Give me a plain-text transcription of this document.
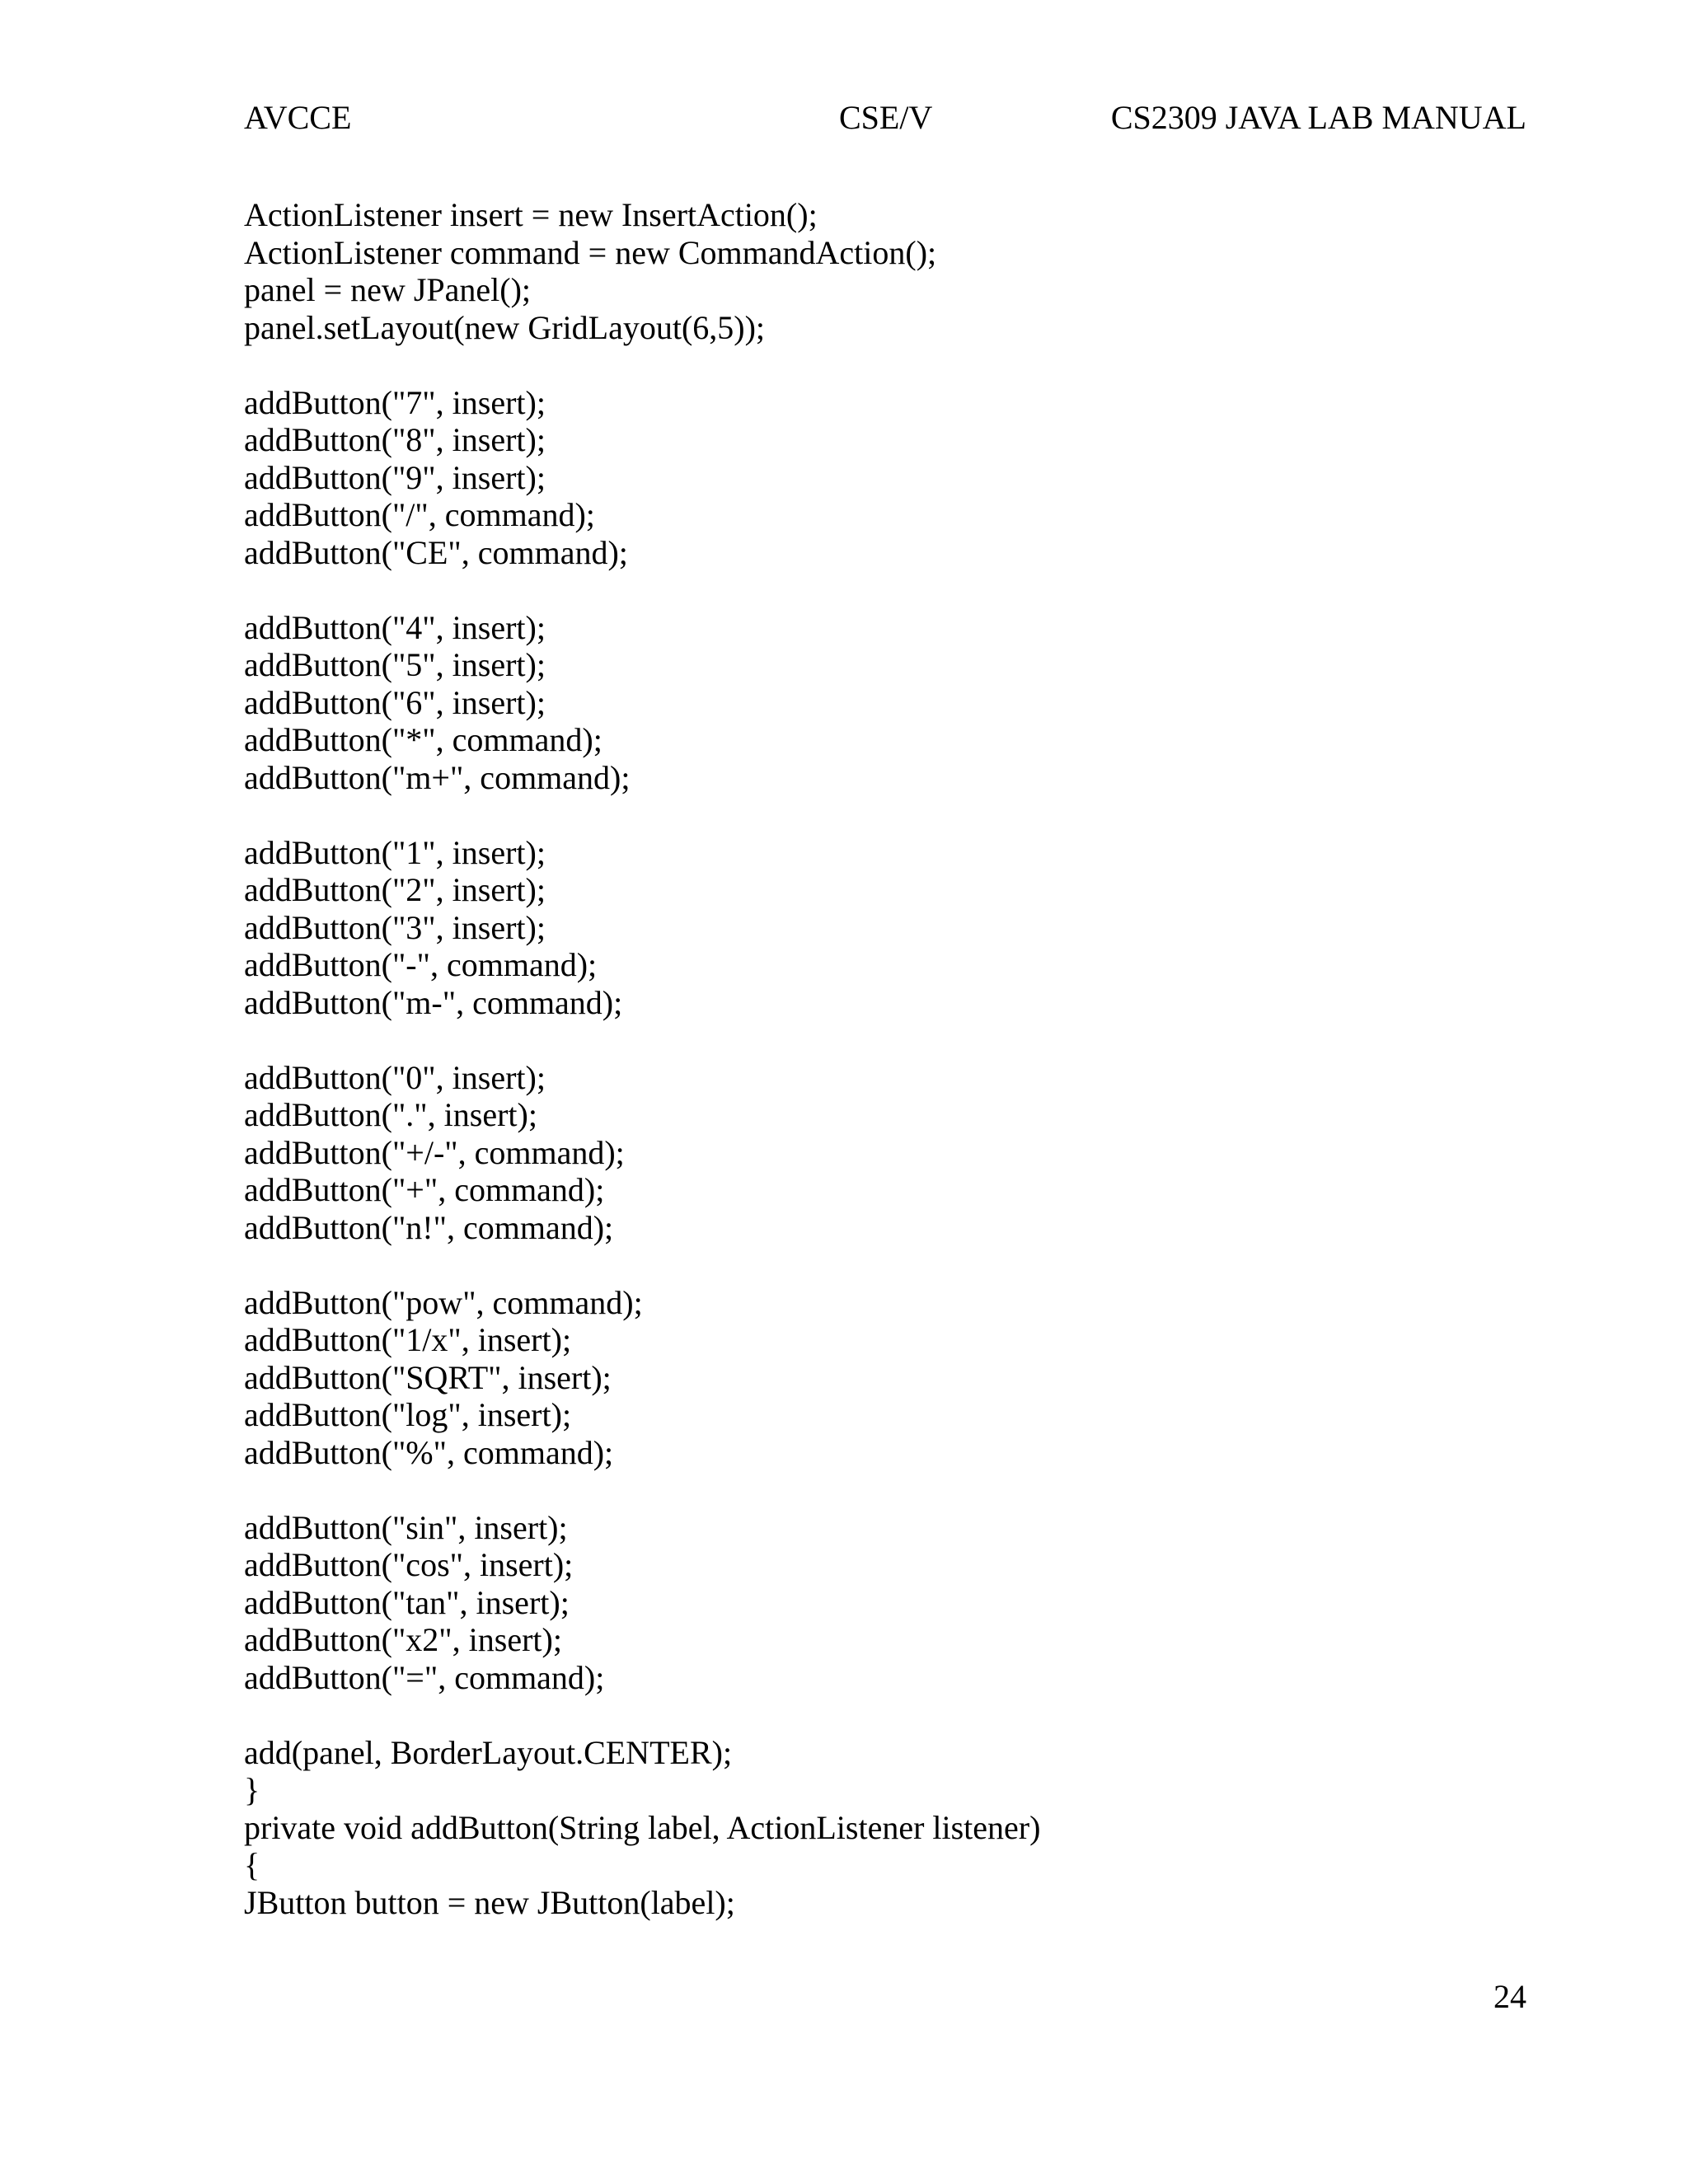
AVCCE	CSE/V	CS2309 JAVA LAB MANUAL
ActionListener insert = new InsertAction();
ActionListener command = new CommandAction();
panel = new JPanel();
panel.setLayout(new GridLayout(6,5));
addButton("7", insert);
addButton("8", insert);
addButton("9", insert);
addButton("/", command);
addButton("CE", command);
addButton("4", insert);
addButton("5", insert);
addButton("6", insert);
addButton("*", command);
addButton("m+", command);
addButton("1", insert);
addButton("2", insert);
addButton("3", insert);
addButton("-", command);
addButton("m-", command);
addButton("0", insert);
addButton(".", insert);
addButton("+/-", command);
addButton("+", command);
addButton("n!", command);
addButton("pow", command);
addButton("1/x", insert);
addButton("SQRT", insert);
addButton("log", insert);
addButton("%", command);
addButton("sin", insert);
addButton("cos", insert);
addButton("tan", insert);
addButton("x2", insert);
addButton("=", command);
add(panel, BorderLayout.CENTER);
}
private void addButton(String label, ActionListener listener)
{
JButton button = new JButton(label);
24
